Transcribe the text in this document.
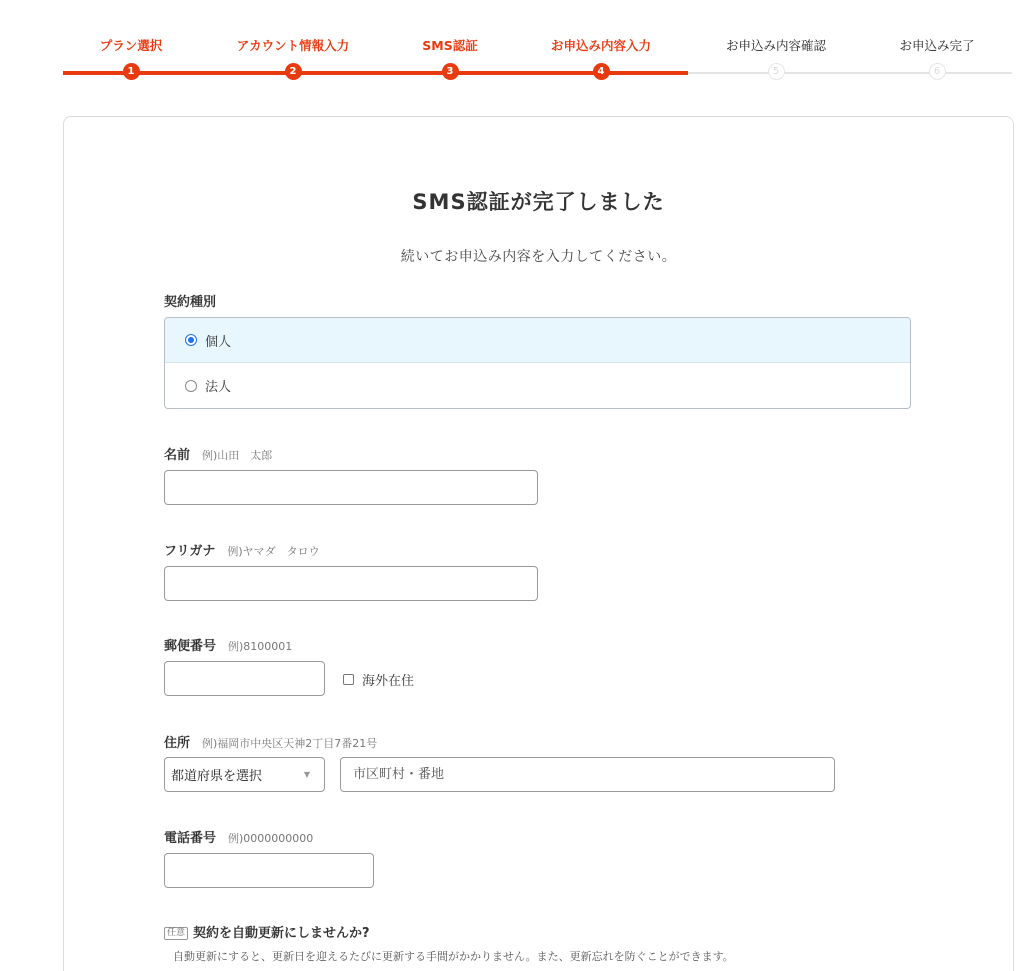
プラン選択
1
アカウント情報入力
2
SMS認証
3
お申込み内容入力
4
お申込み内容確認
5
お申込み完了
6
SMS認証が完了しました

続いてお申込み内容を入力してください。

契約種別
個人
法人
名前 例)山田　太郎
フリガナ 例)ヤマダ　タロウ
郵便番号 例)8100001
海外在住
住所 例)福岡市中央区天神2丁目7番21号
都道府県を選択	▼
市区町村・番地
電話番号 例)0000000000
任意 契約を自動更新にしませんか?
自動更新にすると、更新日を迎えるたびに更新する手間がかかりません。また、更新忘れを防ぐことができます。
